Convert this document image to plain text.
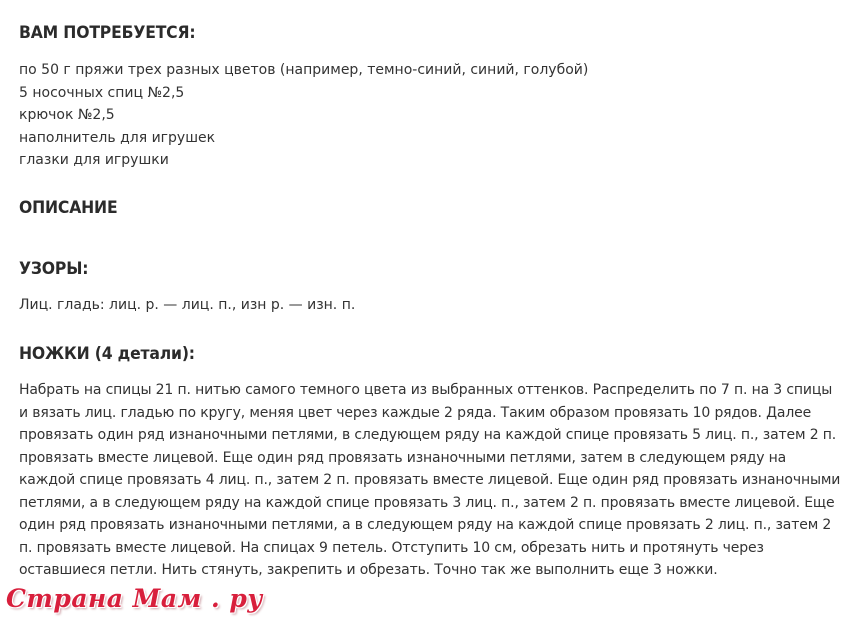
ВАМ ПОТРЕБУЕТСЯ:
по 50 г пряжи трех разных цветов (например, темно-синий, синий, голубой)
5 носочных спиц №2,5
крючок №2,5
наполнитель для игрушек
глазки для игрушки
ОПИСАНИЕ
УЗОРЫ:

Лиц. гладь: лиц. р. — лиц. п., изн р. — изн. п.

НОЖКИ (4 детали):

Набрать на спицы 21 п. нитью самого темного цвета из выбранных оттенков. Распределить по 7 п. на 3 спицы и вязать лиц. гладью по кругу, меняя цвет через каждые 2 ряда. Таким образом провязать 10 рядов. Далее провязать один ряд изнаночными петлями, в следующем ряду на каждой спице провязать 5 лиц. п., затем 2 п. провязать вместе лицевой. Еще один ряд провязать изнаночными петлями, затем в следующем ряду на каждой спице провязать 4 лиц. п., затем 2 п. провязать вместе лицевой. Еще один ряд провязать изнаночными петлями, а в следующем ряду на каждой спице провязать 3 лиц. п., затем 2 п. провязать вместе лицевой. Еще один ряд провязать изнаночными петлями, а в следующем ряду на каждой спице провязать 2 лиц. п., затем 2 п. провязать вместе лицевой. На спицах 9 петель. Отступить 10 см, обрезать нить и протянуть через оставшиеся петли. Нить стянуть, закрепить и обрезать. Точно так же выполнить еще 3 ножки.

Страна Мам . ру
